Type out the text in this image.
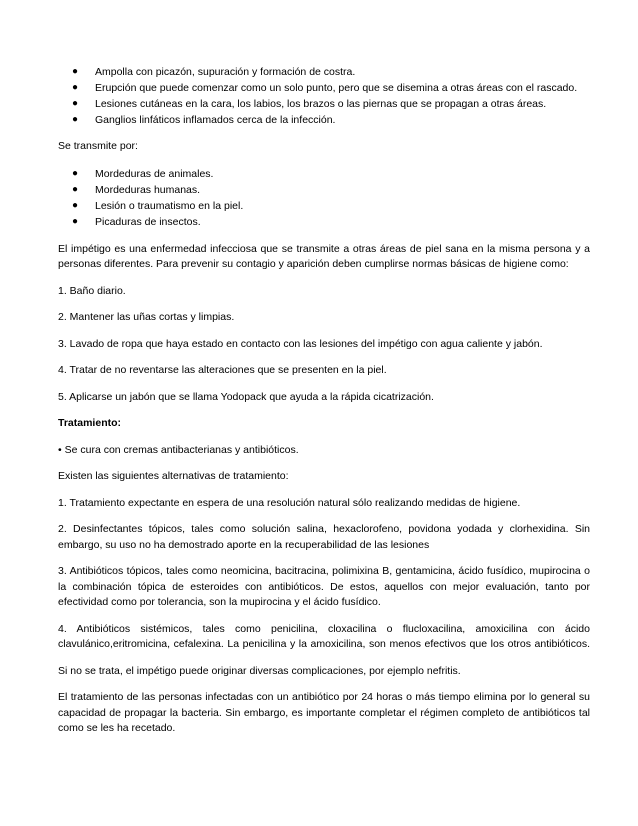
● Ampolla con picazón, supuración y formación de costra.
● Erupción que puede comenzar como un solo punto, pero que se disemina a otras áreas con el rascado.
● Lesiones cutáneas en la cara, los labios, los brazos o las piernas que se propagan a otras áreas.
● Ganglios linfáticos inflamados cerca de la infección.

Se transmite por:

● Mordeduras de animales.
● Mordeduras humanas.
● Lesión o traumatismo en la piel.
● Picaduras de insectos.

El impétigo es una enfermedad infecciosa que se transmite a otras áreas de piel sana en la misma persona y a personas diferentes. Para prevenir su contagio y aparición deben cumplirse normas básicas de higiene como:

1. Baño diario.

2. Mantener las uñas cortas y limpias.

3. Lavado de ropa que haya estado en contacto con las lesiones del impétigo con agua caliente y jabón.

4. Tratar de no reventarse las alteraciones que se presenten en la piel.

5. Aplicarse un jabón que se llama Yodopack que ayuda a la rápida cicatrización.

Tratamiento:

• Se cura con cremas antibacterianas y antibióticos.

Existen las siguientes alternativas de tratamiento:

1. Tratamiento expectante en espera de una resolución natural sólo realizando medidas de higiene.

2. Desinfectantes tópicos, tales como solución salina, hexaclorofeno, povidona yodada y clorhexidina. Sin embargo, su uso no ha demostrado aporte en la recuperabilidad de las lesiones

3. Antibióticos tópicos, tales como neomicina, bacitracina, polimixina B, gentamicina, ácido fusídico, mupirocina o la combinación tópica de esteroides con antibióticos. De estos, aquellos con mejor evaluación, tanto por efectividad como por tolerancia, son la mupirocina y el ácido fusídico.

4. Antibióticos sistémicos, tales como penicilina, cloxacilina o flucloxacilina, amoxicilina con ácido clavulánico,eritromicina, cefalexina. La penicilina y la amoxicilina, son menos efectivos que los otros antibióticos.

Si no se trata, el impétigo puede originar diversas complicaciones, por ejemplo nefritis.

El tratamiento de las personas infectadas con un antibiótico por 24 horas o más tiempo elimina por lo general su capacidad de propagar la bacteria. Sin embargo, es importante completar el régimen completo de antibióticos tal como se les ha recetado.
